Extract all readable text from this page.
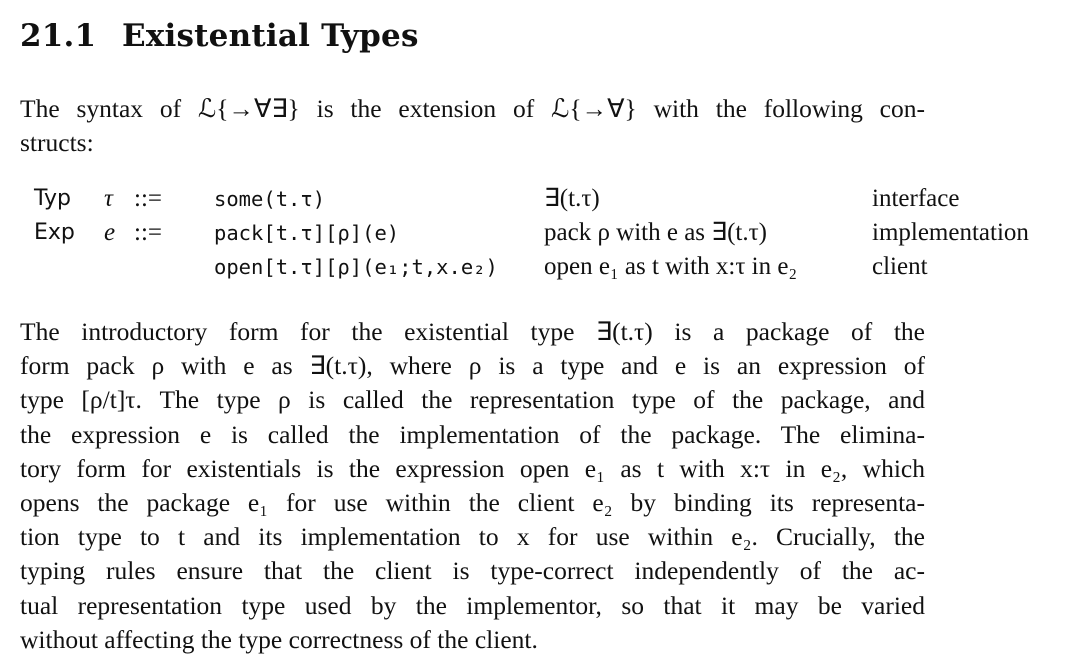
21.1 Existential Types
The syntax of ℒ{→∀∃} is the extension of ℒ{→∀} with the following con-
structs:
Typ	τ	::=	some(t.τ)	∃(t.τ)	interface
Exp	e	::=	pack[t.τ][ρ](e)	pack ρ with e as ∃(t.τ)	implementation
			open[t.τ][ρ](e₁;t,x.e₂)	open e₁ as t with x:τ in e₂	client
The introductory form for the existential type ∃(t.τ) is a package of the
form pack ρ with e as ∃(t.τ), where ρ is a type and e is an expression of
type [ρ/t]τ. The type ρ is called the representation type of the package, and
the expression e is called the implementation of the package. The elimina-
tory form for existentials is the expression open e₁ as t with x:τ in e₂, which
opens the package e₁ for use within the client e₂ by binding its representa-
tion type to t and its implementation to x for use within e₂. Crucially, the
typing rules ensure that the client is type-correct independently of the ac-
tual representation type used by the implementor, so that it may be varied
without affecting the type correctness of the client.
